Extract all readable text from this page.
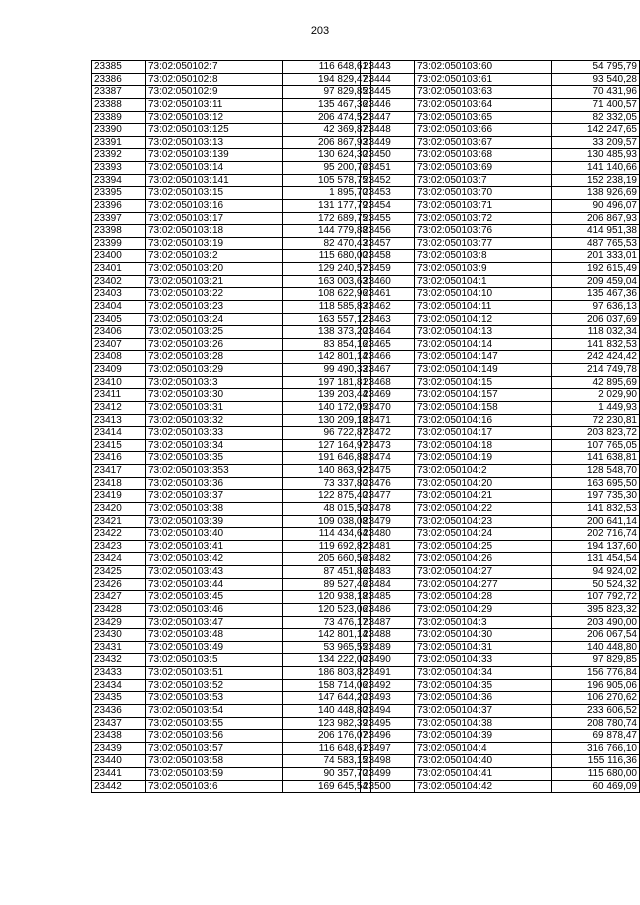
203
23385	73:02:050102:7	116 648,61
23386	73:02:050102:8	194 829,47
23387	73:02:050102:9	97 829,85
23388	73:02:050103:11	135 467,36
23389	73:02:050103:12	206 474,52
23390	73:02:050103:125	42 369,87
23391	73:02:050103:13	206 867,93
23392	73:02:050103:139	130 624,30
23393	73:02:050103:14	95 200,76
23394	73:02:050103:141	105 578,75
23395	73:02:050103:15	1 895,70
23396	73:02:050103:16	131 177,79
23397	73:02:050103:17	172 689,75
23398	73:02:050103:18	144 779,88
23399	73:02:050103:19	82 470,43
23400	73:02:050103:2	115 680,00
23401	73:02:050103:20	129 240,57
23402	73:02:050103:21	163 003,63
23403	73:02:050103:22	108 622,96
23404	73:02:050103:23	118 585,83
23405	73:02:050103:24	163 557,12
23406	73:02:050103:25	138 373,20
23407	73:02:050103:26	83 854,16
23408	73:02:050103:28	142 801,14
23409	73:02:050103:29	99 490,33
23410	73:02:050103:3	197 181,81
23411	73:02:050103:30	139 203,44
23412	73:02:050103:31	140 172,05
23413	73:02:050103:32	130 209,18
23414	73:02:050103:33	96 722,87
23415	73:02:050103:34	127 164,97
23416	73:02:050103:35	191 646,88
23417	73:02:050103:353	140 863,92
23418	73:02:050103:36	73 337,80
23419	73:02:050103:37	122 875,40
23420	73:02:050103:38	48 015,50
23421	73:02:050103:39	109 038,08
23422	73:02:050103:40	114 434,64
23423	73:02:050103:41	119 692,82
23424	73:02:050103:42	205 660,56
23425	73:02:050103:43	87 451,86
23426	73:02:050103:44	89 527,46
23427	73:02:050103:45	120 938,18
23428	73:02:050103:46	120 523,06
23429	73:02:050103:47	73 476,17
23430	73:02:050103:48	142 801,14
23431	73:02:050103:49	53 965,55
23432	73:02:050103:5	134 222,00
23433	73:02:050103:51	186 803,82
23434	73:02:050103:52	158 714,06
23435	73:02:050103:53	147 644,20
23436	73:02:050103:54	140 448,80
23437	73:02:050103:55	123 982,39
23438	73:02:050103:56	206 176,07
23439	73:02:050103:57	116 648,61
23440	73:02:050103:58	74 583,15
23441	73:02:050103:59	90 357,70
23442	73:02:050103:6	169 645,54
23443	73:02:050103:60	54 795,79
23444	73:02:050103:61	93 540,28
23445	73:02:050103:63	70 431,96
23446	73:02:050103:64	71 400,57
23447	73:02:050103:65	82 332,05
23448	73:02:050103:66	142 247,65
23449	73:02:050103:67	33 209,57
23450	73:02:050103:68	130 485,93
23451	73:02:050103:69	141 140,66
23452	73:02:050103:7	152 238,19
23453	73:02:050103:70	138 926,69
23454	73:02:050103:71	90 496,07
23455	73:02:050103:72	206 867,93
23456	73:02:050103:76	414 951,38
23457	73:02:050103:77	487 765,53
23458	73:02:050103:8	201 333,01
23459	73:02:050103:9	192 615,49
23460	73:02:050104:1	209 459,04
23461	73:02:050104:10	135 467,36
23462	73:02:050104:11	97 636,13
23463	73:02:050104:12	206 037,69
23464	73:02:050104:13	118 032,34
23465	73:02:050104:14	141 832,53
23466	73:02:050104:147	242 424,42
23467	73:02:050104:149	214 749,78
23468	73:02:050104:15	42 895,69
23469	73:02:050104:157	2 029,90
23470	73:02:050104:158	1 449,93
23471	73:02:050104:16	72 230,81
23472	73:02:050104:17	203 823,72
23473	73:02:050104:18	107 765,05
23474	73:02:050104:19	141 638,81
23475	73:02:050104:2	128 548,70
23476	73:02:050104:20	163 695,50
23477	73:02:050104:21	197 735,30
23478	73:02:050104:22	141 832,53
23479	73:02:050104:23	200 641,14
23480	73:02:050104:24	202 716,74
23481	73:02:050104:25	194 137,60
23482	73:02:050104:26	131 454,54
23483	73:02:050104:27	94 924,02
23484	73:02:050104:277	50 524,32
23485	73:02:050104:28	107 792,72
23486	73:02:050104:29	395 823,32
23487	73:02:050104:3	203 490,00
23488	73:02:050104:30	206 067,54
23489	73:02:050104:31	140 448,80
23490	73:02:050104:33	97 829,85
23491	73:02:050104:34	156 776,84
23492	73:02:050104:35	196 905,06
23493	73:02:050104:36	106 270,62
23494	73:02:050104:37	233 606,52
23495	73:02:050104:38	208 780,74
23496	73:02:050104:39	69 878,47
23497	73:02:050104:4	316 766,10
23498	73:02:050104:40	155 116,36
23499	73:02:050104:41	115 680,00
23500	73:02:050104:42	60 469,09
